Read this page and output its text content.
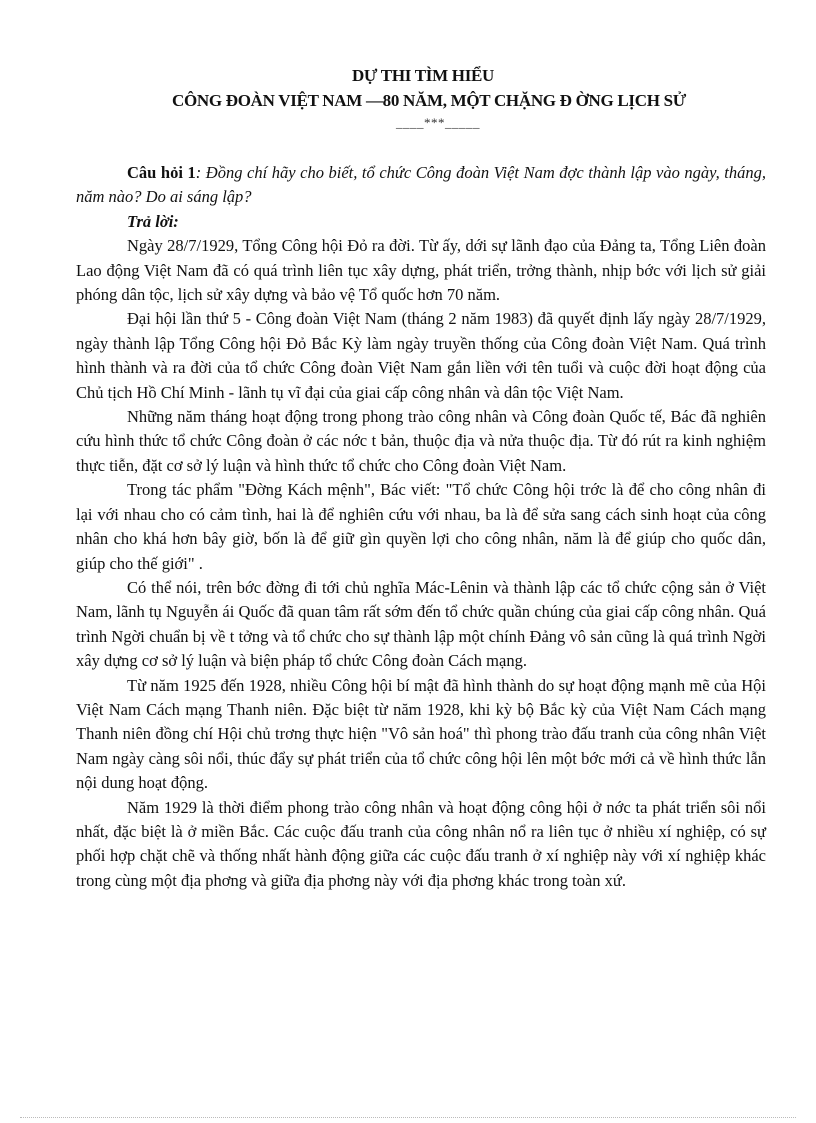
DỰ THI TÌM HIỂU
CÔNG ĐOÀN VIỆT NAM —80 NĂM, MỘT CHẶNG Đ ỜNG LỊCH SỬ
____***_____

Câu hỏi 1: Đồng chí hãy cho biết, tổ chức Công đoàn Việt Nam đợc thành lập vào ngày, tháng, năm nào? Do ai sáng lập?

Trả lời:

Ngày 28/7/1929, Tổng Công hội Đỏ ra đời. Từ ấy, dới sự lãnh đạo của Đảng ta, Tổng Liên đoàn Lao động Việt Nam đã có quá trình liên tục xây dựng, phát triển, trởng thành, nhịp bớc với lịch sử giải phóng dân tộc, lịch sử xây dựng và bảo vệ Tổ quốc hơn 70 năm.

Đại hội lần thứ 5 - Công đoàn Việt Nam (tháng 2 năm 1983) đã quyết định lấy ngày 28/7/1929, ngày thành lập Tổng Công hội Đỏ Bắc Kỳ làm ngày truyền thống của Công đoàn Việt Nam. Quá trình hình thành và ra đời của tổ chức Công đoàn Việt Nam gắn liền với tên tuổi và cuộc đời hoạt động của Chủ tịch Hồ Chí Minh - lãnh tụ vĩ đại của giai cấp công nhân và dân tộc Việt Nam.

Những năm tháng hoạt động trong phong trào công nhân và Công đoàn Quốc tế, Bác đã nghiên cứu hình thức tổ chức Công đoàn ở các nớc t bản, thuộc địa và nửa thuộc địa. Từ đó rút ra kinh nghiệm thực tiễn, đặt cơ sở lý luận và hình thức tổ chức cho Công đoàn Việt Nam.

Trong tác phẩm "Đờng Kách mệnh", Bác viết: "Tổ chức Công hội trớc là để cho công nhân đi lại với nhau cho có cảm tình, hai là để nghiên cứu với nhau, ba là để sửa sang cách sinh hoạt của công nhân cho khá hơn bây giờ, bốn là để giữ gìn quyền lợi cho công nhân, năm là để giúp cho quốc dân, giúp cho thế giới" .

Có thể nói, trên bớc đờng đi tới chủ nghĩa Mác-Lênin và thành lập các tổ chức cộng sản ở Việt Nam, lãnh tụ Nguyễn ái Quốc đã quan tâm rất sớm đến tổ chức quần chúng của giai cấp công nhân. Quá trình Ngời chuẩn bị về t tởng và tổ chức cho sự thành lập một chính Đảng vô sản cũng là quá trình Ngời xây dựng cơ sở lý luận và biện pháp tổ chức Công đoàn Cách mạng.

Từ năm 1925 đến 1928, nhiều Công hội bí mật đã hình thành do sự hoạt động mạnh mẽ của Hội Việt Nam Cách mạng Thanh niên. Đặc biệt từ năm 1928, khi kỳ bộ Bắc kỳ của Việt Nam Cách mạng Thanh niên đồng chí Hội chủ trơng thực hiện "Vô sản hoá" thì phong trào đấu tranh của công nhân Việt Nam ngày càng sôi nổi, thúc đẩy sự phát triển của tổ chức công hội lên một bớc mới cả về hình thức lẫn nội dung hoạt động.

Năm 1929 là thời điểm phong trào công nhân và hoạt động công hội ở nớc ta phát triển sôi nổi nhất, đặc biệt là ở miền Bắc. Các cuộc đấu tranh của công nhân nổ ra liên tục ở nhiều xí nghiệp, có sự phối hợp chặt chẽ và thống nhất hành động giữa các cuộc đấu tranh ở xí nghiệp này với xí nghiệp khác trong cùng một địa phơng và giữa địa phơng này với địa phơng khác trong toàn xứ.
